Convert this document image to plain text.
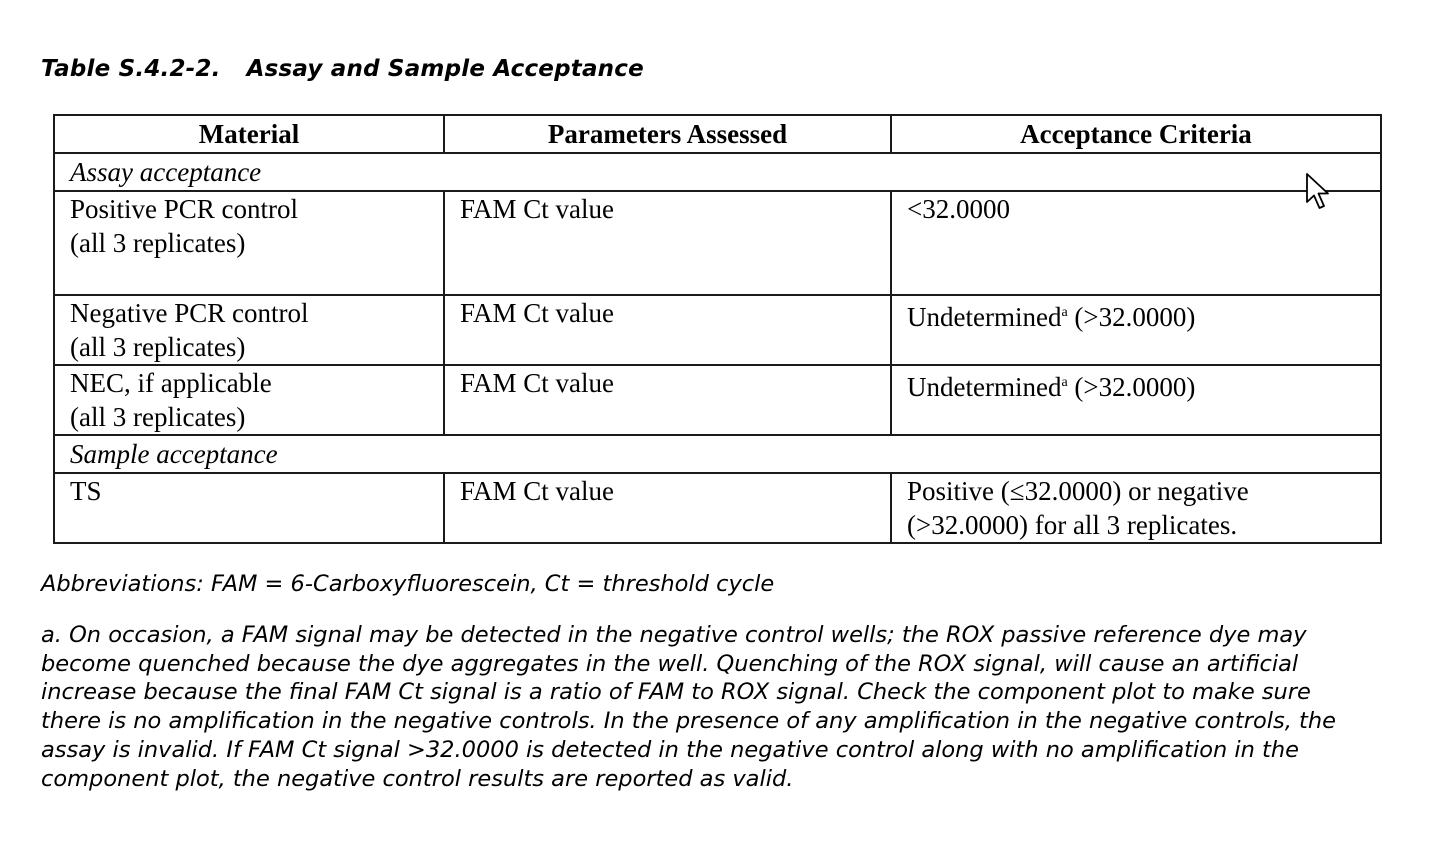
Table S.4.2-2. Assay and Sample Acceptance
Material	Parameters Assessed	Acceptance Criteria
Assay acceptance		

Positive PCR control
(all 3 replicates)	FAM Ct value	<32.0000

Negative PCR control
(all 3 replicates)	FAM Ct value	Undetermined$^a$ (>32.0000)

NEC, if applicable
(all 3 replicates)	FAM Ct value	Undetermined$^a$ (>32.0000)
Sample acceptance		
TS	FAM Ct value	Positive (≤32.0000) or negative
(>32.0000) for all 3 replicates.
Abbreviations: FAM = 6-Carboxyfluorescein, Ct = threshold cycle
a. On occasion, a FAM signal may be detected in the negative control wells; the ROX passive reference dye may
become quenched because the dye aggregates in the well. Quenching of the ROX signal, will cause an artificial
increase because the final FAM Ct signal is a ratio of FAM to ROX signal. Check the component plot to make sure
there is no amplification in the negative controls. In the presence of any amplification in the negative controls, the
assay is invalid. If FAM Ct signal >32.0000 is detected in the negative control along with no amplification in the
component plot, the negative control results are reported as valid.
